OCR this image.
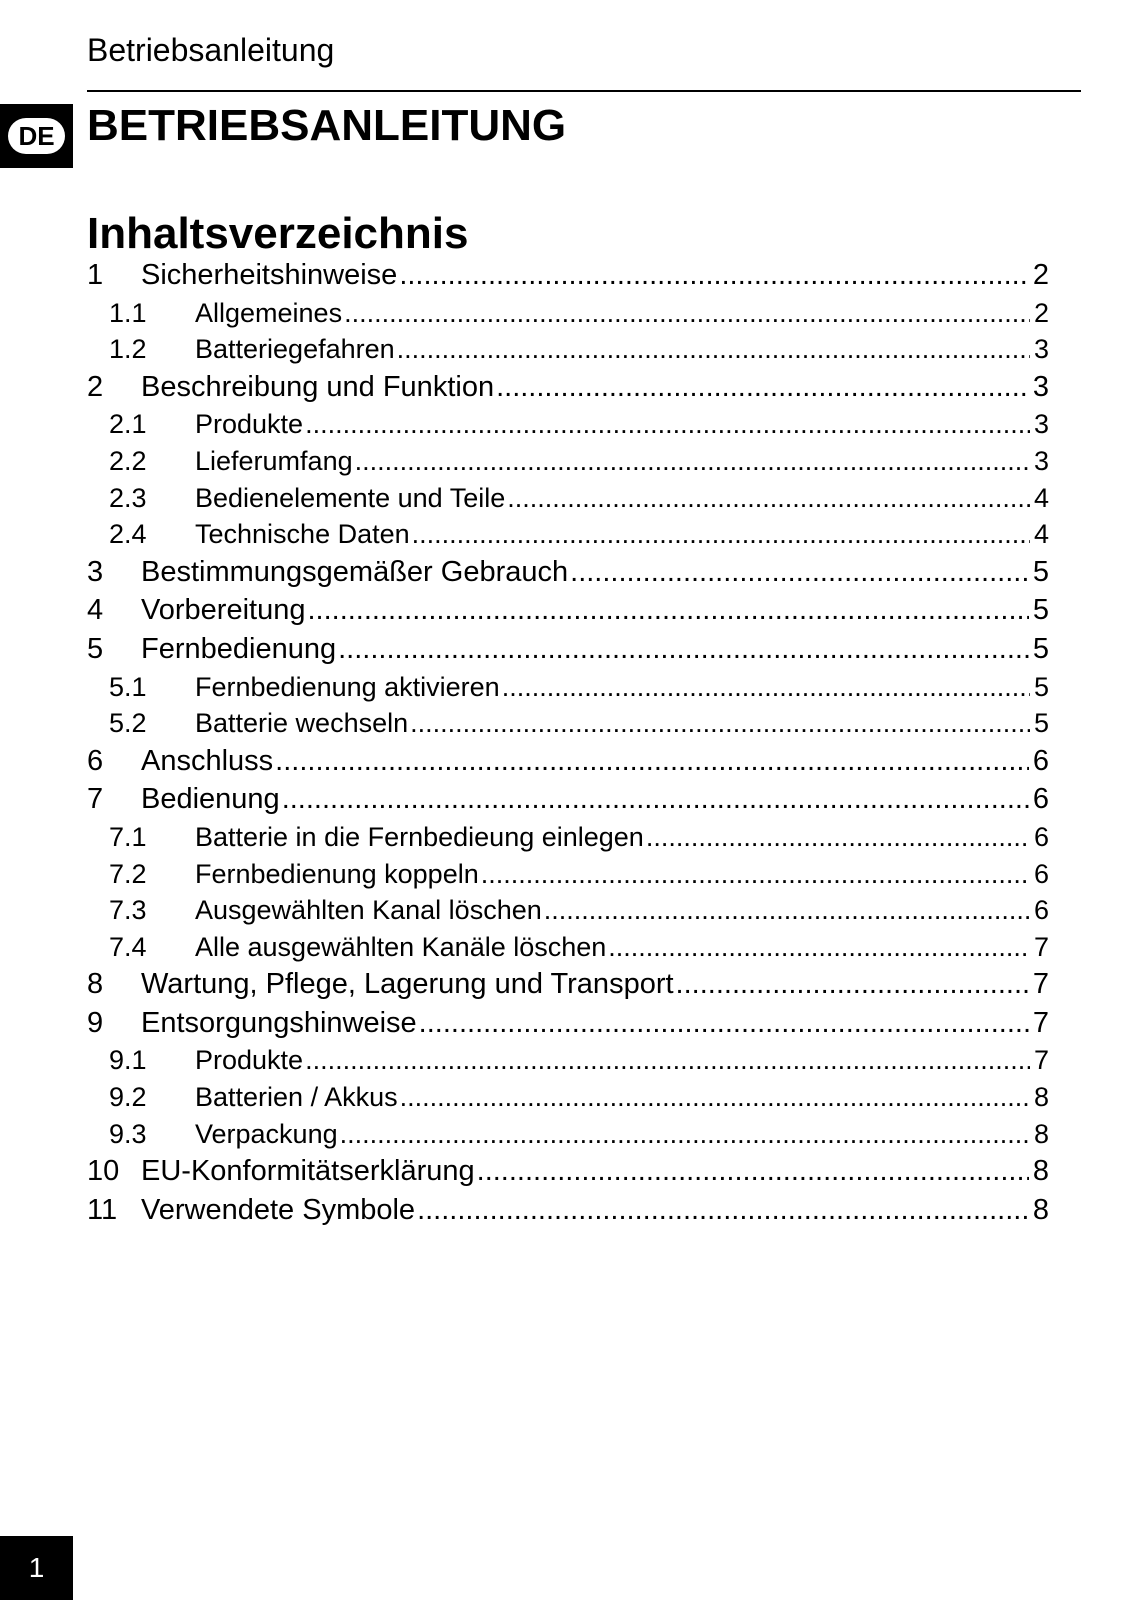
Betriebsanleitung
DE BETRIEBSANLEITUNG
Inhaltsverzeichnis
1	Sicherheitshinweise .....	2
1.1	Allgemeines .....	2
1.2	Batteriegefahren .....	3
2	Beschreibung und Funktion .....	3
2.1	Produkte .....	3
2.2	Lieferumfang .....	3
2.3	Bedienelemente und Teile .....	4
2.4	Technische Daten .....	4
3	Bestimmungsgemäßer Gebrauch .....	5
4	Vorbereitung .....	5
5	Fernbedienung .....	5
5.1	Fernbedienung aktivieren .....	5
5.2	Batterie wechseln .....	5
6	Anschluss .....	6
7	Bedienung .....	6
7.1	Batterie in die Fernbedieung einlegen .....	6
7.2	Fernbedienung koppeln .....	6
7.3	Ausgewählten Kanal löschen .....	6
7.4	Alle ausgewählten Kanäle löschen .....	7
8	Wartung, Pflege, Lagerung und Transport .....	7
9	Entsorgungshinweise .....	7
9.1	Produkte .....	7
9.2	Batterien / Akkus .....	8
9.3	Verpackung .....	8
10 EU-Konformitätserklärung .....	8
11 Verwendete Symbole .....	8
1
